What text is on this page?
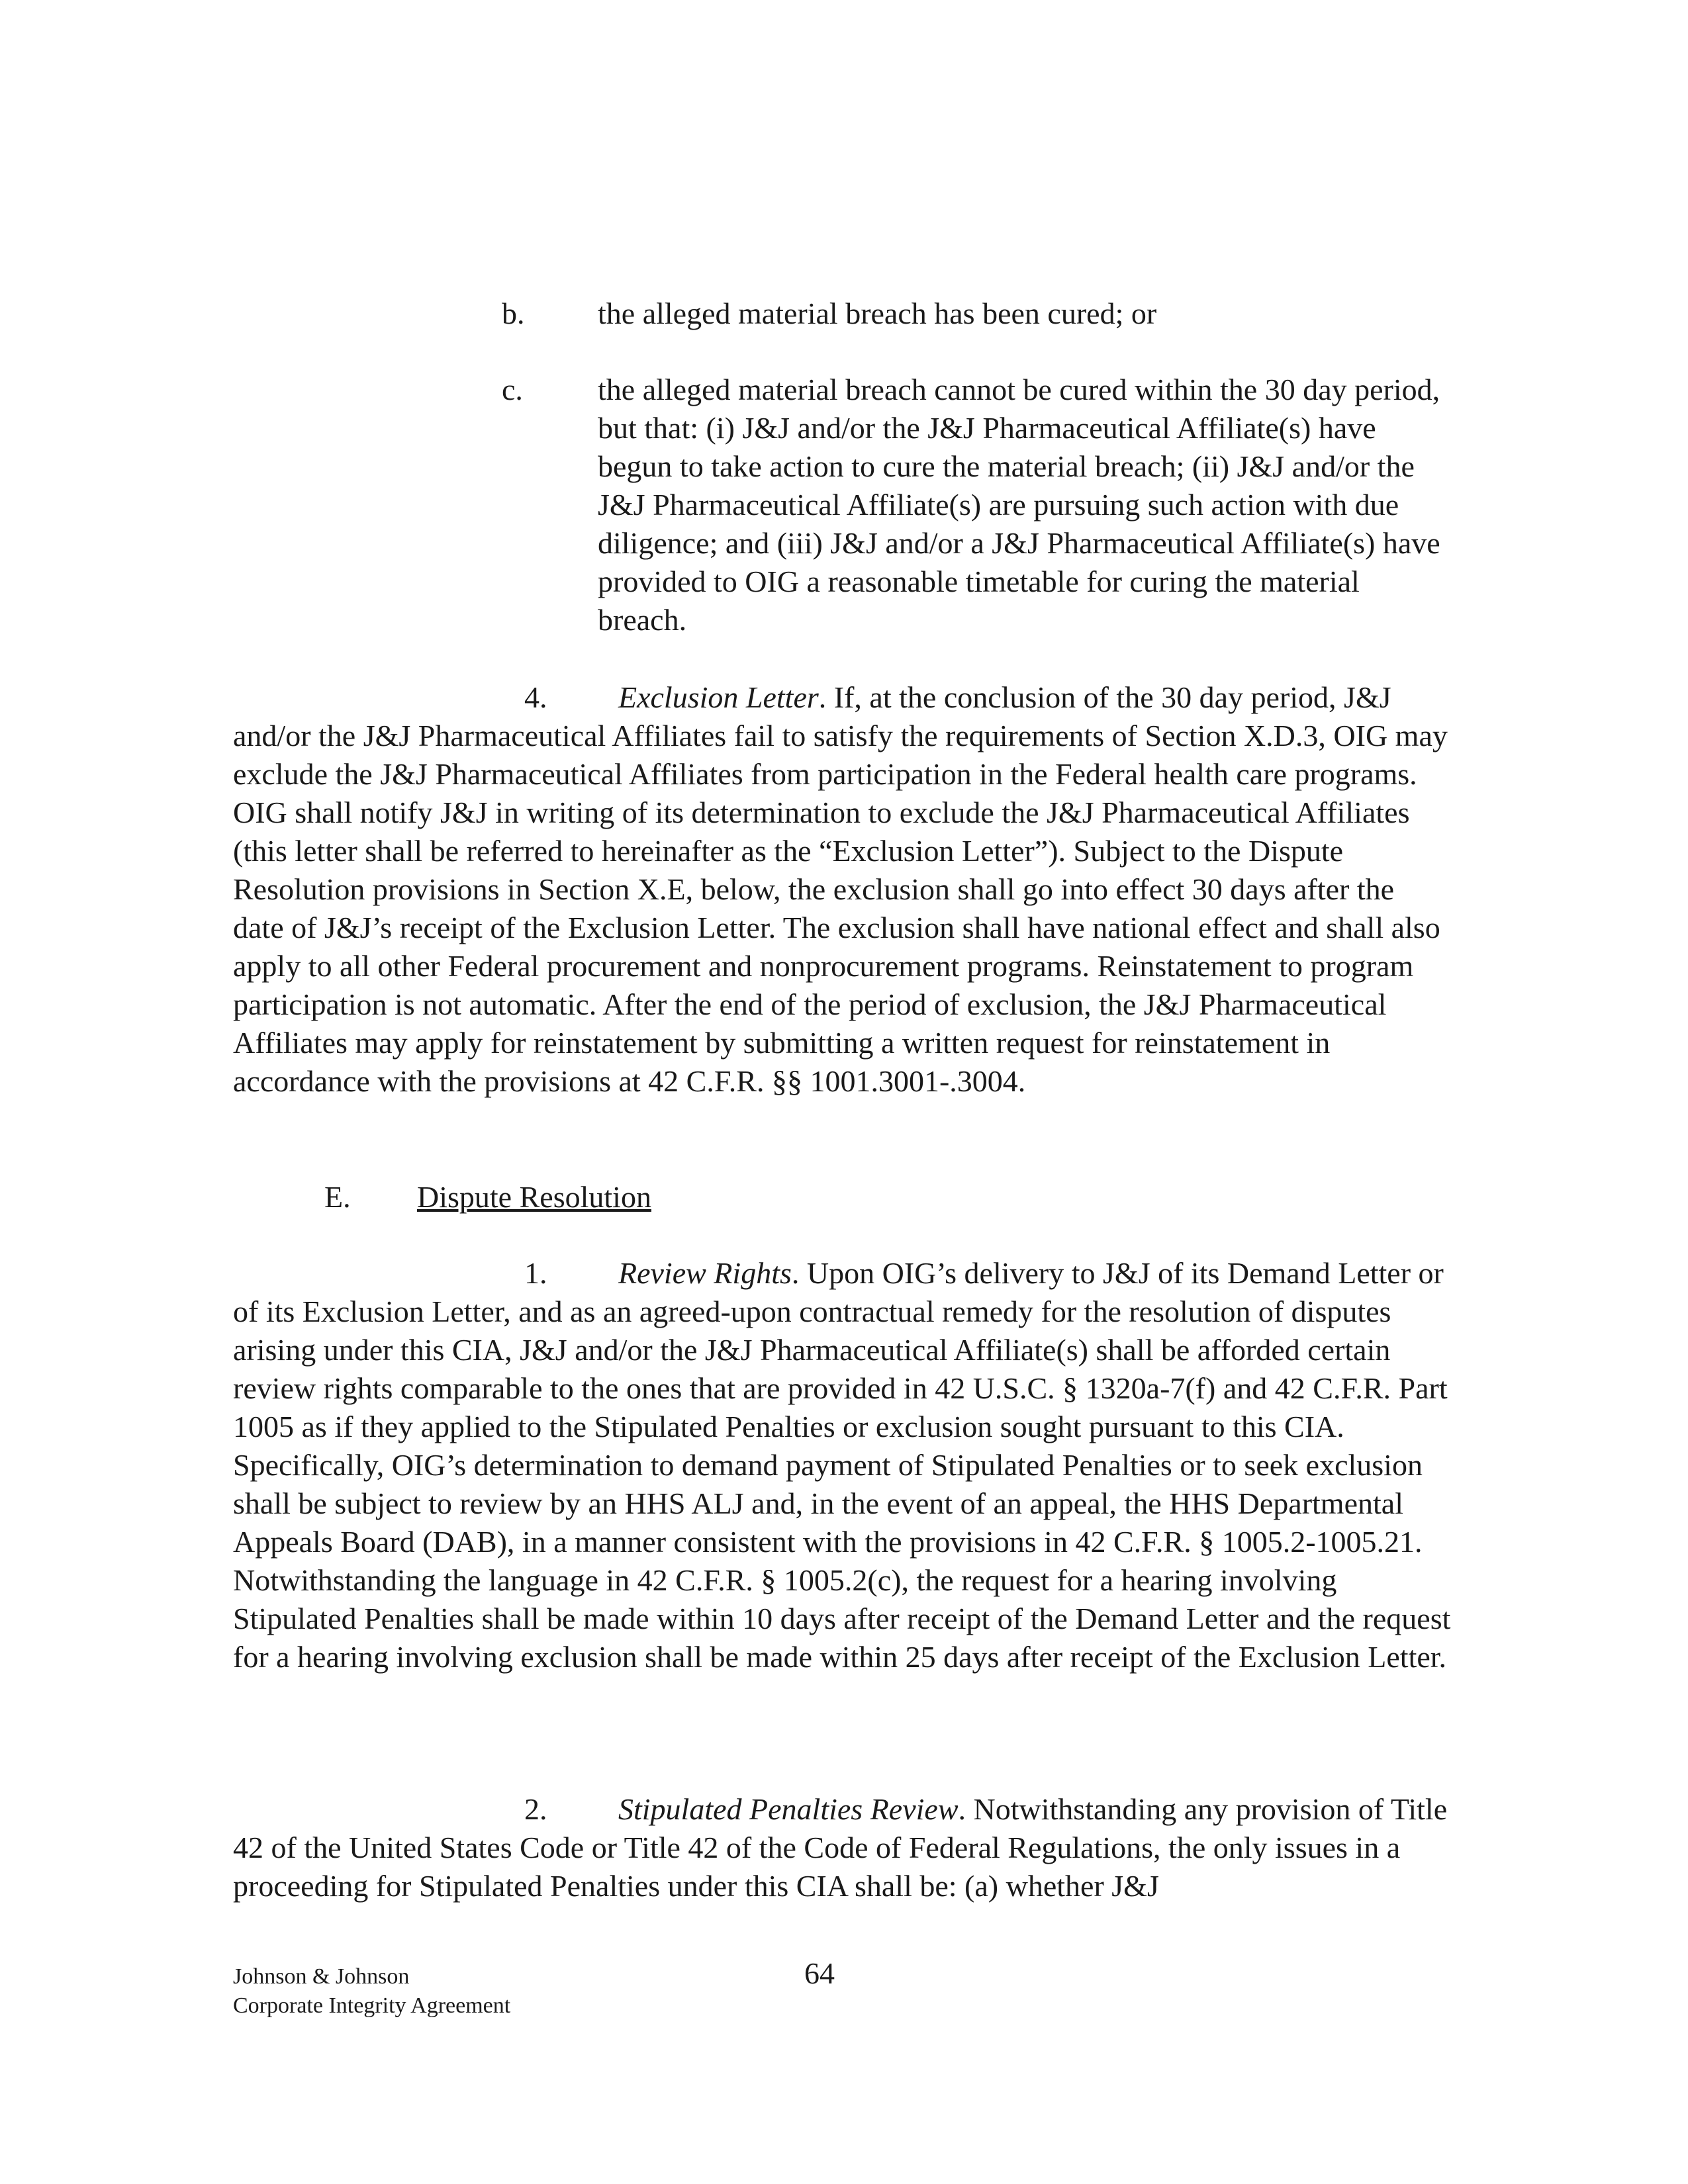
b. the alleged material breach has been cured; or
c. the alleged material breach cannot be cured within the 30 day period, but that: (i) J&J and/or the J&J Pharmaceutical Affiliate(s) have begun to take action to cure the material breach; (ii) J&J and/or the J&J Pharmaceutical Affiliate(s) are pursuing such action with due diligence; and (iii) J&J and/or a J&J Pharmaceutical Affiliate(s) have provided to OIG a reasonable timetable for curing the material breach.
4. Exclusion Letter. If, at the conclusion of the 30 day period, J&J and/or the J&J Pharmaceutical Affiliates fail to satisfy the requirements of Section X.D.3, OIG may exclude the J&J Pharmaceutical Affiliates from participation in the Federal health care programs. OIG shall notify J&J in writing of its determination to exclude the J&J Pharmaceutical Affiliates (this letter shall be referred to hereinafter as the “Exclusion Letter”). Subject to the Dispute Resolution provisions in Section X.E, below, the exclusion shall go into effect 30 days after the date of J&J’s receipt of the Exclusion Letter. The exclusion shall have national effect and shall also apply to all other Federal procurement and nonprocurement programs. Reinstatement to program participation is not automatic. After the end of the period of exclusion, the J&J Pharmaceutical Affiliates may apply for reinstatement by submitting a written request for reinstatement in accordance with the provisions at 42 C.F.R. §§ 1001.3001-.3004.
E. Dispute Resolution
1. Review Rights. Upon OIG’s delivery to J&J of its Demand Letter or of its Exclusion Letter, and as an agreed-upon contractual remedy for the resolution of disputes arising under this CIA, J&J and/or the J&J Pharmaceutical Affiliate(s) shall be afforded certain review rights comparable to the ones that are provided in 42 U.S.C. § 1320a-7(f) and 42 C.F.R. Part 1005 as if they applied to the Stipulated Penalties or exclusion sought pursuant to this CIA. Specifically, OIG’s determination to demand payment of Stipulated Penalties or to seek exclusion shall be subject to review by an HHS ALJ and, in the event of an appeal, the HHS Departmental Appeals Board (DAB), in a manner consistent with the provisions in 42 C.F.R. § 1005.2-1005.21. Notwithstanding the language in 42 C.F.R. § 1005.2(c), the request for a hearing involving Stipulated Penalties shall be made within 10 days after receipt of the Demand Letter and the request for a hearing involving exclusion shall be made within 25 days after receipt of the Exclusion Letter.
2. Stipulated Penalties Review. Notwithstanding any provision of Title 42 of the United States Code or Title 42 of the Code of Federal Regulations, the only issues in a proceeding for Stipulated Penalties under this CIA shall be: (a) whether J&J
Johnson & Johnson
Corporate Integrity Agreement
64
